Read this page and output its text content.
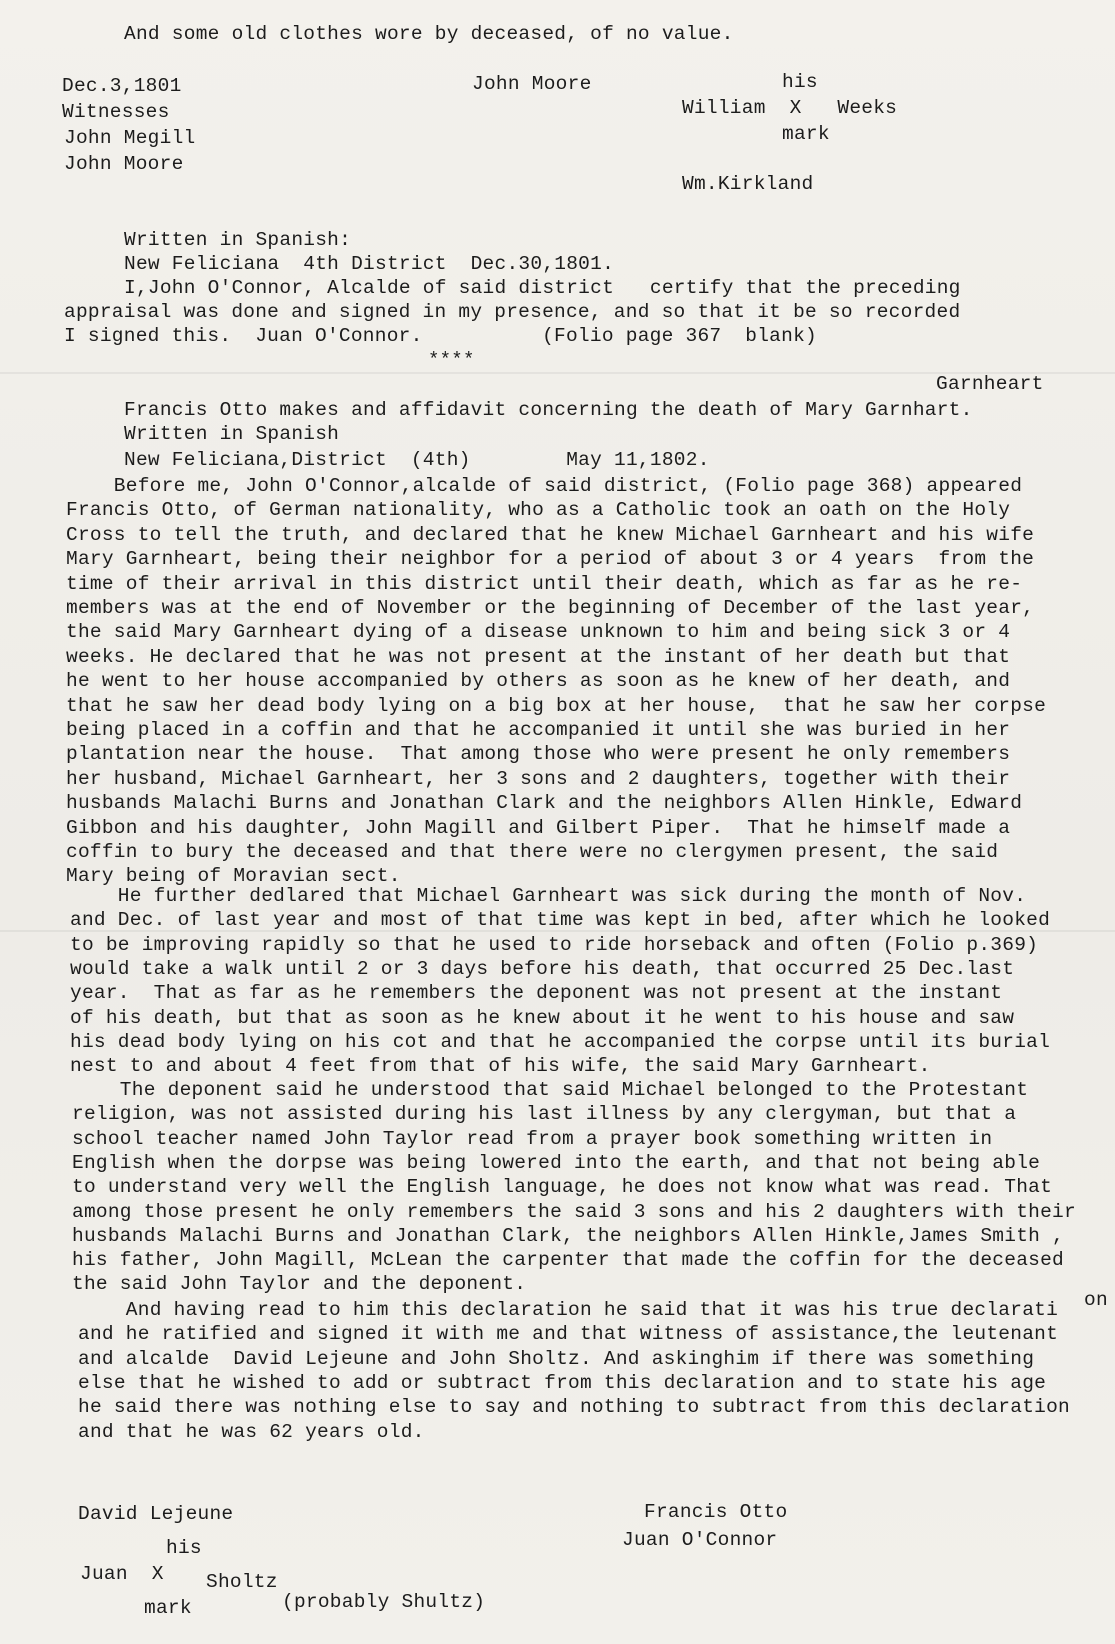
And some old clothes wore by deceased, of no value.
Dec.3,1801	John Moore	his
Witnesses	William  X   Weeks
mark
John Megill
John Moore
Wm.Kirkland
Written in Spanish:
New Feliciana  4th District  Dec.30,1801.
I,John O'Connor, Alcalde of said district   certify that the preceding
appraisal was done and signed in my presence, and so that it be so recorded
I signed this.  Juan O'Connor.          (Folio page 367  blank)
****
Garnheart
Francis Otto makes and affidavit concerning the death of Mary Garnhart.
Written in Spanish
New Feliciana,District  (4th)        May 11,1802.
Before me, John O'Connor,alcalde of said district, (Folio page 368) appeared
Francis Otto, of German nationality, who as a Catholic took an oath on the Holy
Cross to tell the truth, and declared that he knew Michael Garnheart and his wife
Mary Garnheart, being their neighbor for a period of about 3 or 4 years  from the
time of their arrival in this district until their death, which as far as he re-
members was at the end of November or the beginning of December of the last year,
the said Mary Garnheart dying of a disease unknown to him and being sick 3 or 4
weeks. He declared that he was not present at the instant of her death but that
he went to her house accompanied by others as soon as he knew of her death, and
that he saw her dead body lying on a big box at her house,  that he saw her corpse
being placed in a coffin and that he accompanied it until she was buried in her
plantation near the house.  That among those who were present he only remembers
her husband, Michael Garnheart, her 3 sons and 2 daughters, together with their
husbands Malachi Burns and Jonathan Clark and the neighbors Allen Hinkle, Edward
Gibbon and his daughter, John Magill and Gilbert Piper.  That he himself made a
coffin to bury the deceased and that there were no clergymen present, the said
Mary being of Moravian sect.
He further dedlared that Michael Garnheart was sick during the month of Nov.
and Dec. of last year and most of that time was kept in bed, after which he looked
to be improving rapidly so that he used to ride horseback and often (Folio p.369)
would take a walk until 2 or 3 days before his death, that occurred 25 Dec.last
year.  That as far as he remembers the deponent was not present at the instant
of his death, but that as soon as he knew about it he went to his house and saw
his dead body lying on his cot and that he accompanied the corpse until its burial
nest to and about 4 feet from that of his wife, the said Mary Garnheart.
The deponent said he understood that said Michael belonged to the Protestant
religion, was not assisted during his last illness by any clergyman, but that a
school teacher named John Taylor read from a prayer book something written in
English when the dorpse was being lowered into the earth, and that not being able
to understand very well the English language, he does not know what was read. That
among those present he only remembers the said 3 sons and his 2 daughters with their
husbands Malachi Burns and Jonathan Clark, the neighbors Allen Hinkle,James Smith ,
his father, John Magill, McLean the carpenter that made the coffin for the deceased
the said John Taylor and the deponent.
And having read to him this declaration he said that it was his true declarati
and he ratified and signed it with me and that witness of assistance,the leutenant
and alcalde  David Lejeune and John Sholtz. And askinghim if there was something
else that he wished to add or subtract from this declaration and to state his age
he said there was nothing else to say and nothing to subtract from this declaration
and that he was 62 years old.
on
David Lejeune	Francis Otto
Juan O'Connor
his
Juan  X Sholtz
mark	(probably Shultz)
